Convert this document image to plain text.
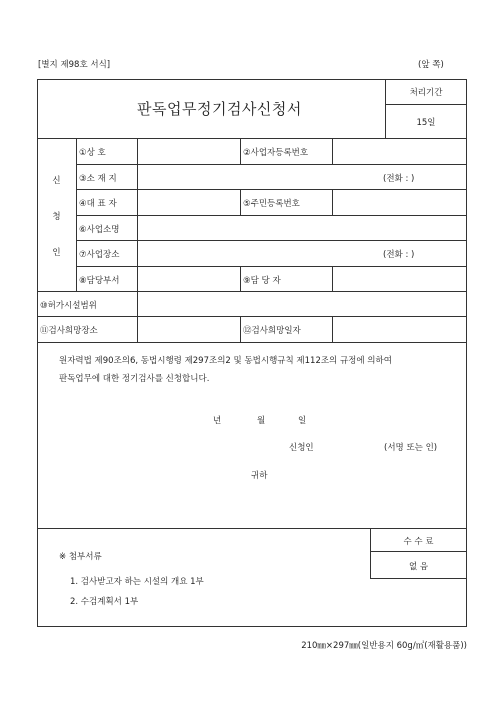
[별지 제98호 서식]	(앞 쪽)
판독업무정기검사신청서
처리기간
15일
신
청
인
①상 호	②사업자등록번호
③소 재 지	(전화 : )
④대 표 자	⑤주민등록번호
⑥사업소명
⑦사업장소	(전화 : )
⑧담당부서	⑨담 당 자
⑩허가시설범위
⑪검사희망장소	⑫검사희망일자
원자력법 제90조의6, 동법시행령 제297조의2 및 동법시행규칙 제112조의 규정에 의하여
판독업무에 대한 정기검사를 신청합니다.
년	월	일
신청인	(서명 또는 인)
귀하
※ 첨부서류
1. 검사받고자 하는 시설의 개요 1부
2. 수검계획서 1부
수 수 료
없 음
210㎜×297㎜(일반용지 60g/㎡(재활용품))
